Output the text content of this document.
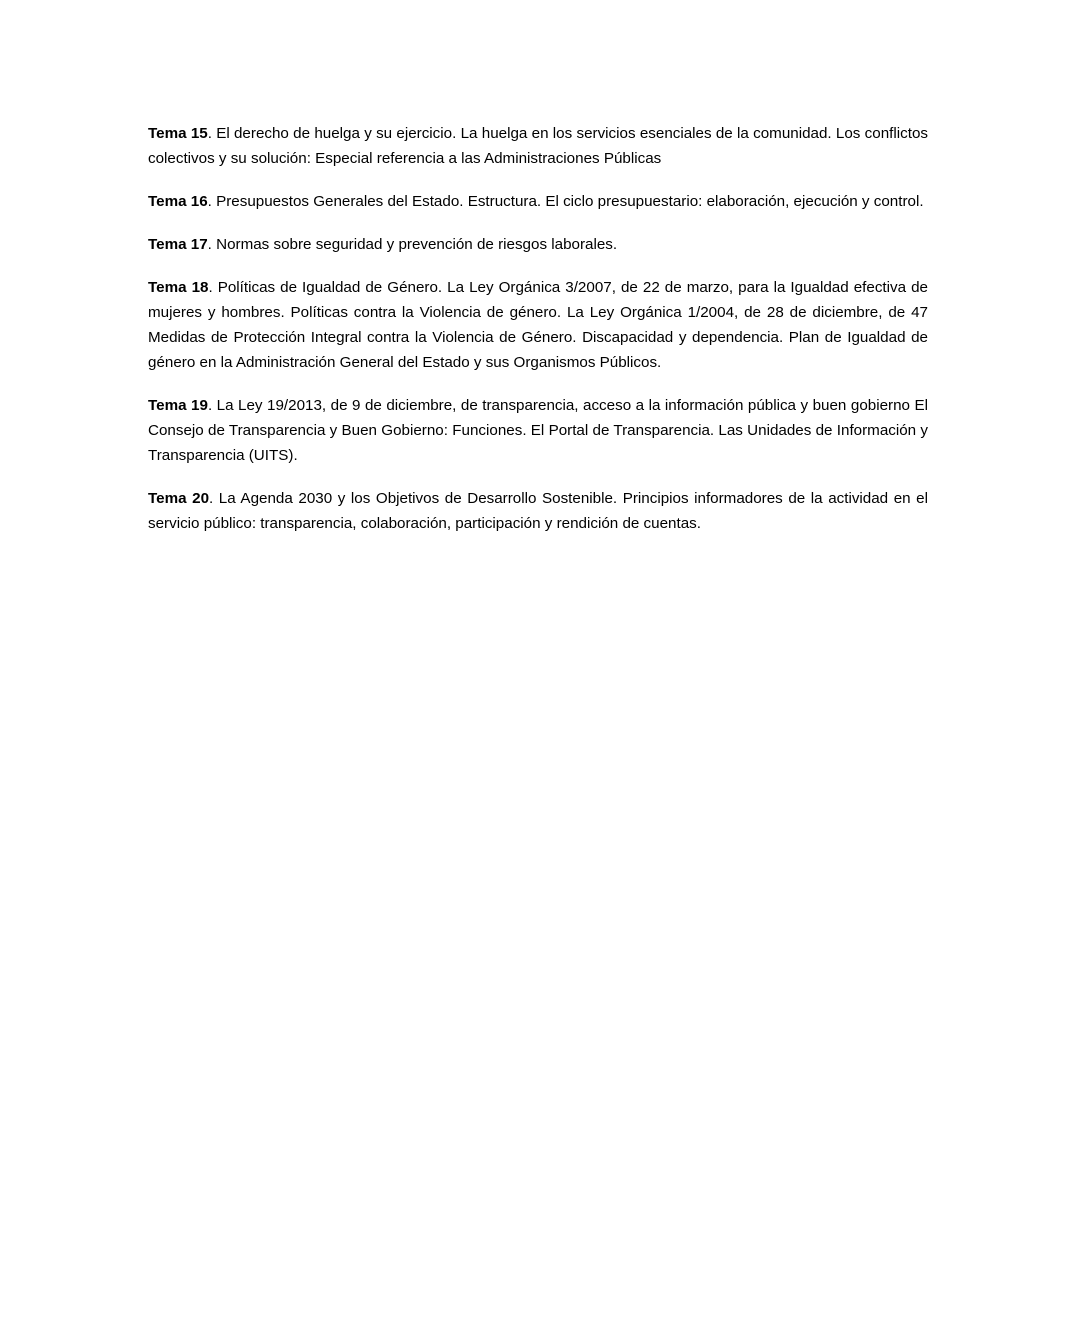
Tema 15. El derecho de huelga y su ejercicio. La huelga en los servicios esenciales de la comunidad. Los conflictos colectivos y su solución: Especial referencia a las Administraciones Públicas

Tema 16. Presupuestos Generales del Estado. Estructura. El ciclo presupuestario: elaboración, ejecución y control.

Tema 17. Normas sobre seguridad y prevención de riesgos laborales.

Tema 18. Políticas de Igualdad de Género. La Ley Orgánica 3/2007, de 22 de marzo, para la Igualdad efectiva de mujeres y hombres. Políticas contra la Violencia de género. La Ley Orgánica 1/2004, de 28 de diciembre, de 47 Medidas de Protección Integral contra la Violencia de Género. Discapacidad y dependencia. Plan de Igualdad de género en la Administración General del Estado y sus Organismos Públicos.

Tema 19. La Ley 19/2013, de 9 de diciembre, de transparencia, acceso a la información pública y buen gobierno El Consejo de Transparencia y Buen Gobierno: Funciones. El Portal de Transparencia. Las Unidades de Información y Transparencia (UITS).

Tema 20. La Agenda 2030 y los Objetivos de Desarrollo Sostenible. Principios informadores de la actividad en el servicio público: transparencia, colaboración, participación y rendición de cuentas.
